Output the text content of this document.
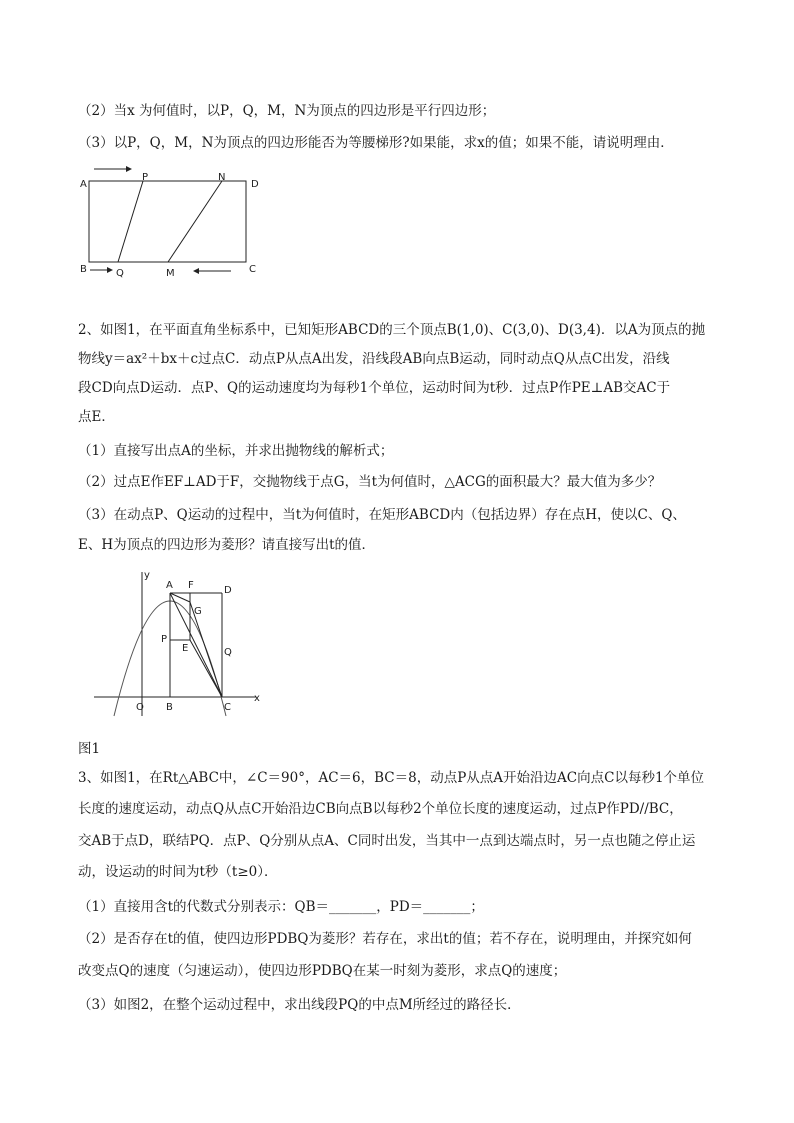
（2）当x 为何值时，以P，Q，M，N为顶点的四边形是平行四边形；
（3）以P，Q，M，N为顶点的四边形能否为等腰梯形?如果能，求x的值；如果不能，请说明理由．
A
P	N
D
B	Q	M	C
2、如图1，在平面直角坐标系中，已知矩形ABCD的三个顶点B(1,0)、C(3,0)、D(3,4)．以A为顶点的抛
物线y＝ax²＋bx＋c过点C．动点P从点A出发，沿线段AB向点B运动，同时动点Q从点C出发，沿线
段CD向点D运动．点P、Q的运动速度均为每秒1个单位，运动时间为t秒．过点P作PE⊥AB交AC于
点E．
（1）直接写出点A的坐标，并求出抛物线的解析式；
（2）过点E作EF⊥AD于F，交抛物线于点G，当t为何值时，△ACG的面积最大？最大值为多少？
（3）在动点P、Q运动的过程中，当t为何值时，在矩形ABCD内（包括边界）存在点H，使以C、Q、
E、H为顶点的四边形为菱形？请直接写出t的值．
x
y
O
A F	D
G
P
E	Q
B	C
图1
3、如图1，在Rt△ABC中，∠C＝90°，AC＝6，BC＝8，动点P从点A开始沿边AC向点C以每秒1个单位
长度的速度运动，动点Q从点C开始沿边CB向点B以每秒2个单位长度的速度运动，过点P作PD//BC，
交AB于点D，联结PQ．点P、Q分别从点A、C同时出发，当其中一点到达端点时，另一点也随之停止运
动，设运动的时间为t秒（t≥0）．
（1）直接用含t的代数式分别表示：QB＝_______，PD＝_______；
（2）是否存在t的值，使四边形PDBQ为菱形？若存在，求出t的值；若不存在，说明理由，并探究如何
改变点Q的速度（匀速运动），使四边形PDBQ在某一时刻为菱形，求点Q的速度；
（3）如图2，在整个运动过程中，求出线段PQ的中点M所经过的路径长．
